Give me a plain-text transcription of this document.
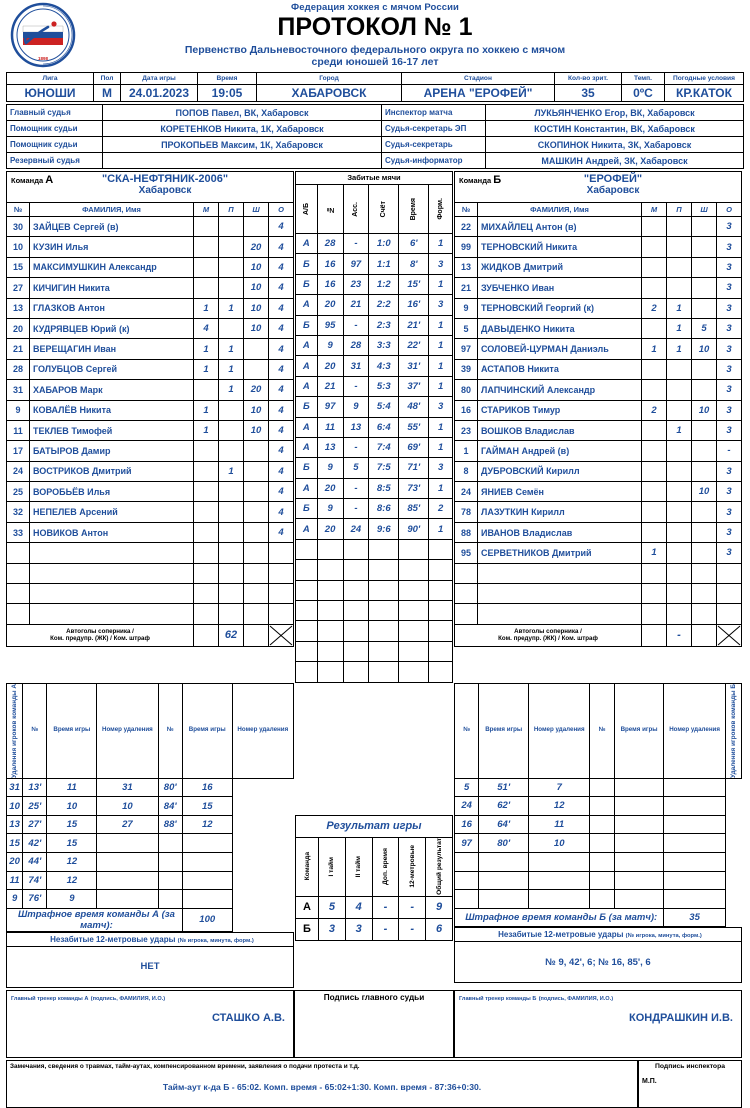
1898
Федерация хоккея с мячом России
ПРОТОКОЛ № 1
Первенство Дальневосточного федерального округа по хоккею с мячом
среди юношей 16-17 лет
Лига	Пол	Дата игры	Время	Город	Стадион	Кол-во зрит.	Темп.	Погодные условия
ЮНОШИ	М	24.01.2023	19:05	ХАБАРОВСК	АРЕНА "ЕРОФЕЙ"	35	0ºС	КР.КАТОК
Главный судья	ПОПОВ Павел, ВК, Хабаровск	Инспектор матча	ЛУКЬЯНЧЕНКО Егор, ВК, Хабаровск
Помощник судьи	КОРЕТЕНКОВ Никита, 1К, Хабаровск	Судья-секретарь ЭП	КОСТИН Константин, ВК, Хабаровск
Помощник судьи	ПРОКОПЬЕВ Максим, 1К, Хабаровск	Судья-секретарь	СКОПИНОК Никита, ЗК, Хабаровск
Резервный судья		Судья-информатор	МАШКИН Андрей, ЗК, Хабаровск
Команда А	"СКА-НЕФТЯНИК-2006"
Хабаровск
№	ФАМИЛИЯ, Имя	М	П	Ш	О
30	ЗАЙЦЕВ Сергей (в)				4
10	КУЗИН Илья			20	4
15	МАКСИМУШКИН Александр			10	4
27	КИЧИГИН Никита			10	4
13	ГЛАЗКОВ Антон	1	1	10	4
20	КУДРЯВЦЕВ Юрий (к)	4		10	4
21	ВЕРЕЩАГИН Иван	1	1		4
28	ГОЛУБЦОВ Сергей	1	1		4
31	ХАБАРОВ Марк		1	20	4
9	КОВАЛЁВ Никита	1		10	4
11	ТЕКЛЕВ Тимофей	1		10	4
17	БАТЫРОВ Дамир				4
24	ВОСТРИКОВ Дмитрий		1		4
25	ВОРОБЬЁВ Илья				4
32	НЕПЕЛЕВ Арсений				4
33	НОВИКОВ Антон				4

Автоголы соперника /
Ком. предупр. (ЖК) / Ком. штраф			62		
Забитые мячи
А/Б	№	Асс.	Счёт	Время	Форм.

А	28	-	1:0	6'	1
Б	16	97	1:1	8'	3
Б	16	23	1:2	15'	1
А	20	21	2:2	16'	3
Б	95	-	2:3	21'	1
А	9	28	3:3	22'	1
А	20	31	4:3	31'	1
А	21	-	5:3	37'	1
Б	97	9	5:4	48'	3
А	11	13	6:4	55'	1
А	13	-	7:4	69'	1
Б	9	5	7:5	71'	3
А	20	-	8:5	73'	1
Б	9	-	8:6	85'	2
А	20	24	9:6	90'	1

Команда Б	"ЕРОФЕЙ"
Хабаровск
№	ФАМИЛИЯ, Имя	М	П	Ш	О
22	МИХАЙЛЕЦ Антон (в)				3
99	ТЕРНОВСКИЙ Никита				3
13	ЖИДКОВ Дмитрий				3
21	ЗУБЧЕНКО Иван				3
9	ТЕРНОВСКИЙ Георгий (к)	2	1		3
5	ДАВЫДЕНКО Никита		1	5	3
97	СОЛОВЕЙ-ЦУРМАН Даниэль	1	1	10	3
39	АСТАПОВ Никита				3
80	ЛАПЧИНСКИЙ Александр				3
16	СТАРИКОВ Тимур	2		10	3
23	ВОШКОВ Владислав		1		3
1	ГАЙМАН Андрей (в)				-
8	ДУБРОВСКИЙ Кирилл				3
24	ЯНИЕВ Семён			10	3
78	ЛАЗУТКИН Кирилл				3
88	ИВАНОВ Владислав				3
95	СЕРВЕТНИКОВ Дмитрий	1			3

Автоголы соперника /
Ком. предупр. (ЖК) / Ком. штраф			-		
Удаления игроков команды А	№	Время игры	Номер удаления	№	Время игры	Номер удаления
31	13'	11	31	80'	16	
10	25'	10	10	84'	15	
13	27'	15	27	88'	12	
15	42'	15				
20	44'	12				
11	74'	12				
9	76'	9				
Штрафное время команды А (за матч):					100	
Незабитые 12-метровые удары (№ игрока, минута, форм.)
НЕТ
Результат игры					

Команда	I тайм	II тайм	Доп. время	12-метровые	Общий результат

А	5	4	-	-	9
Б	3	3	-	-	6
№	Время игры	Номер удаления	№	Время игры	Номер удаления	Удаления игроков команды Б

5	51'	7				
24	62'	12				
16	64'	11				
97	80'	10				

Штрафное время команды Б (за матч):					35	
Незабитые 12-метровые удары (№ игрока, минута, форм.)
№ 9, 42', 6; № 16, 85', 6
Главный тренер команды А (подпись, ФАМИЛИЯ, И.О.)
СТАШКО А.В.
Подпись главного судьи	Главный тренер команды Б (подпись, ФАМИЛИЯ, И.О.)
КОНДРАШКИН И.В.
Замечания, сведения о травмах, тайм-аутах, компенсированном времени, заявления о подачи протеста и т.д.
Тайм-аут к-да Б - 65:02. Комп. время - 65:02+1:30. Комп. время - 87:36+0:30.
Подпись инспектора
М.П.
